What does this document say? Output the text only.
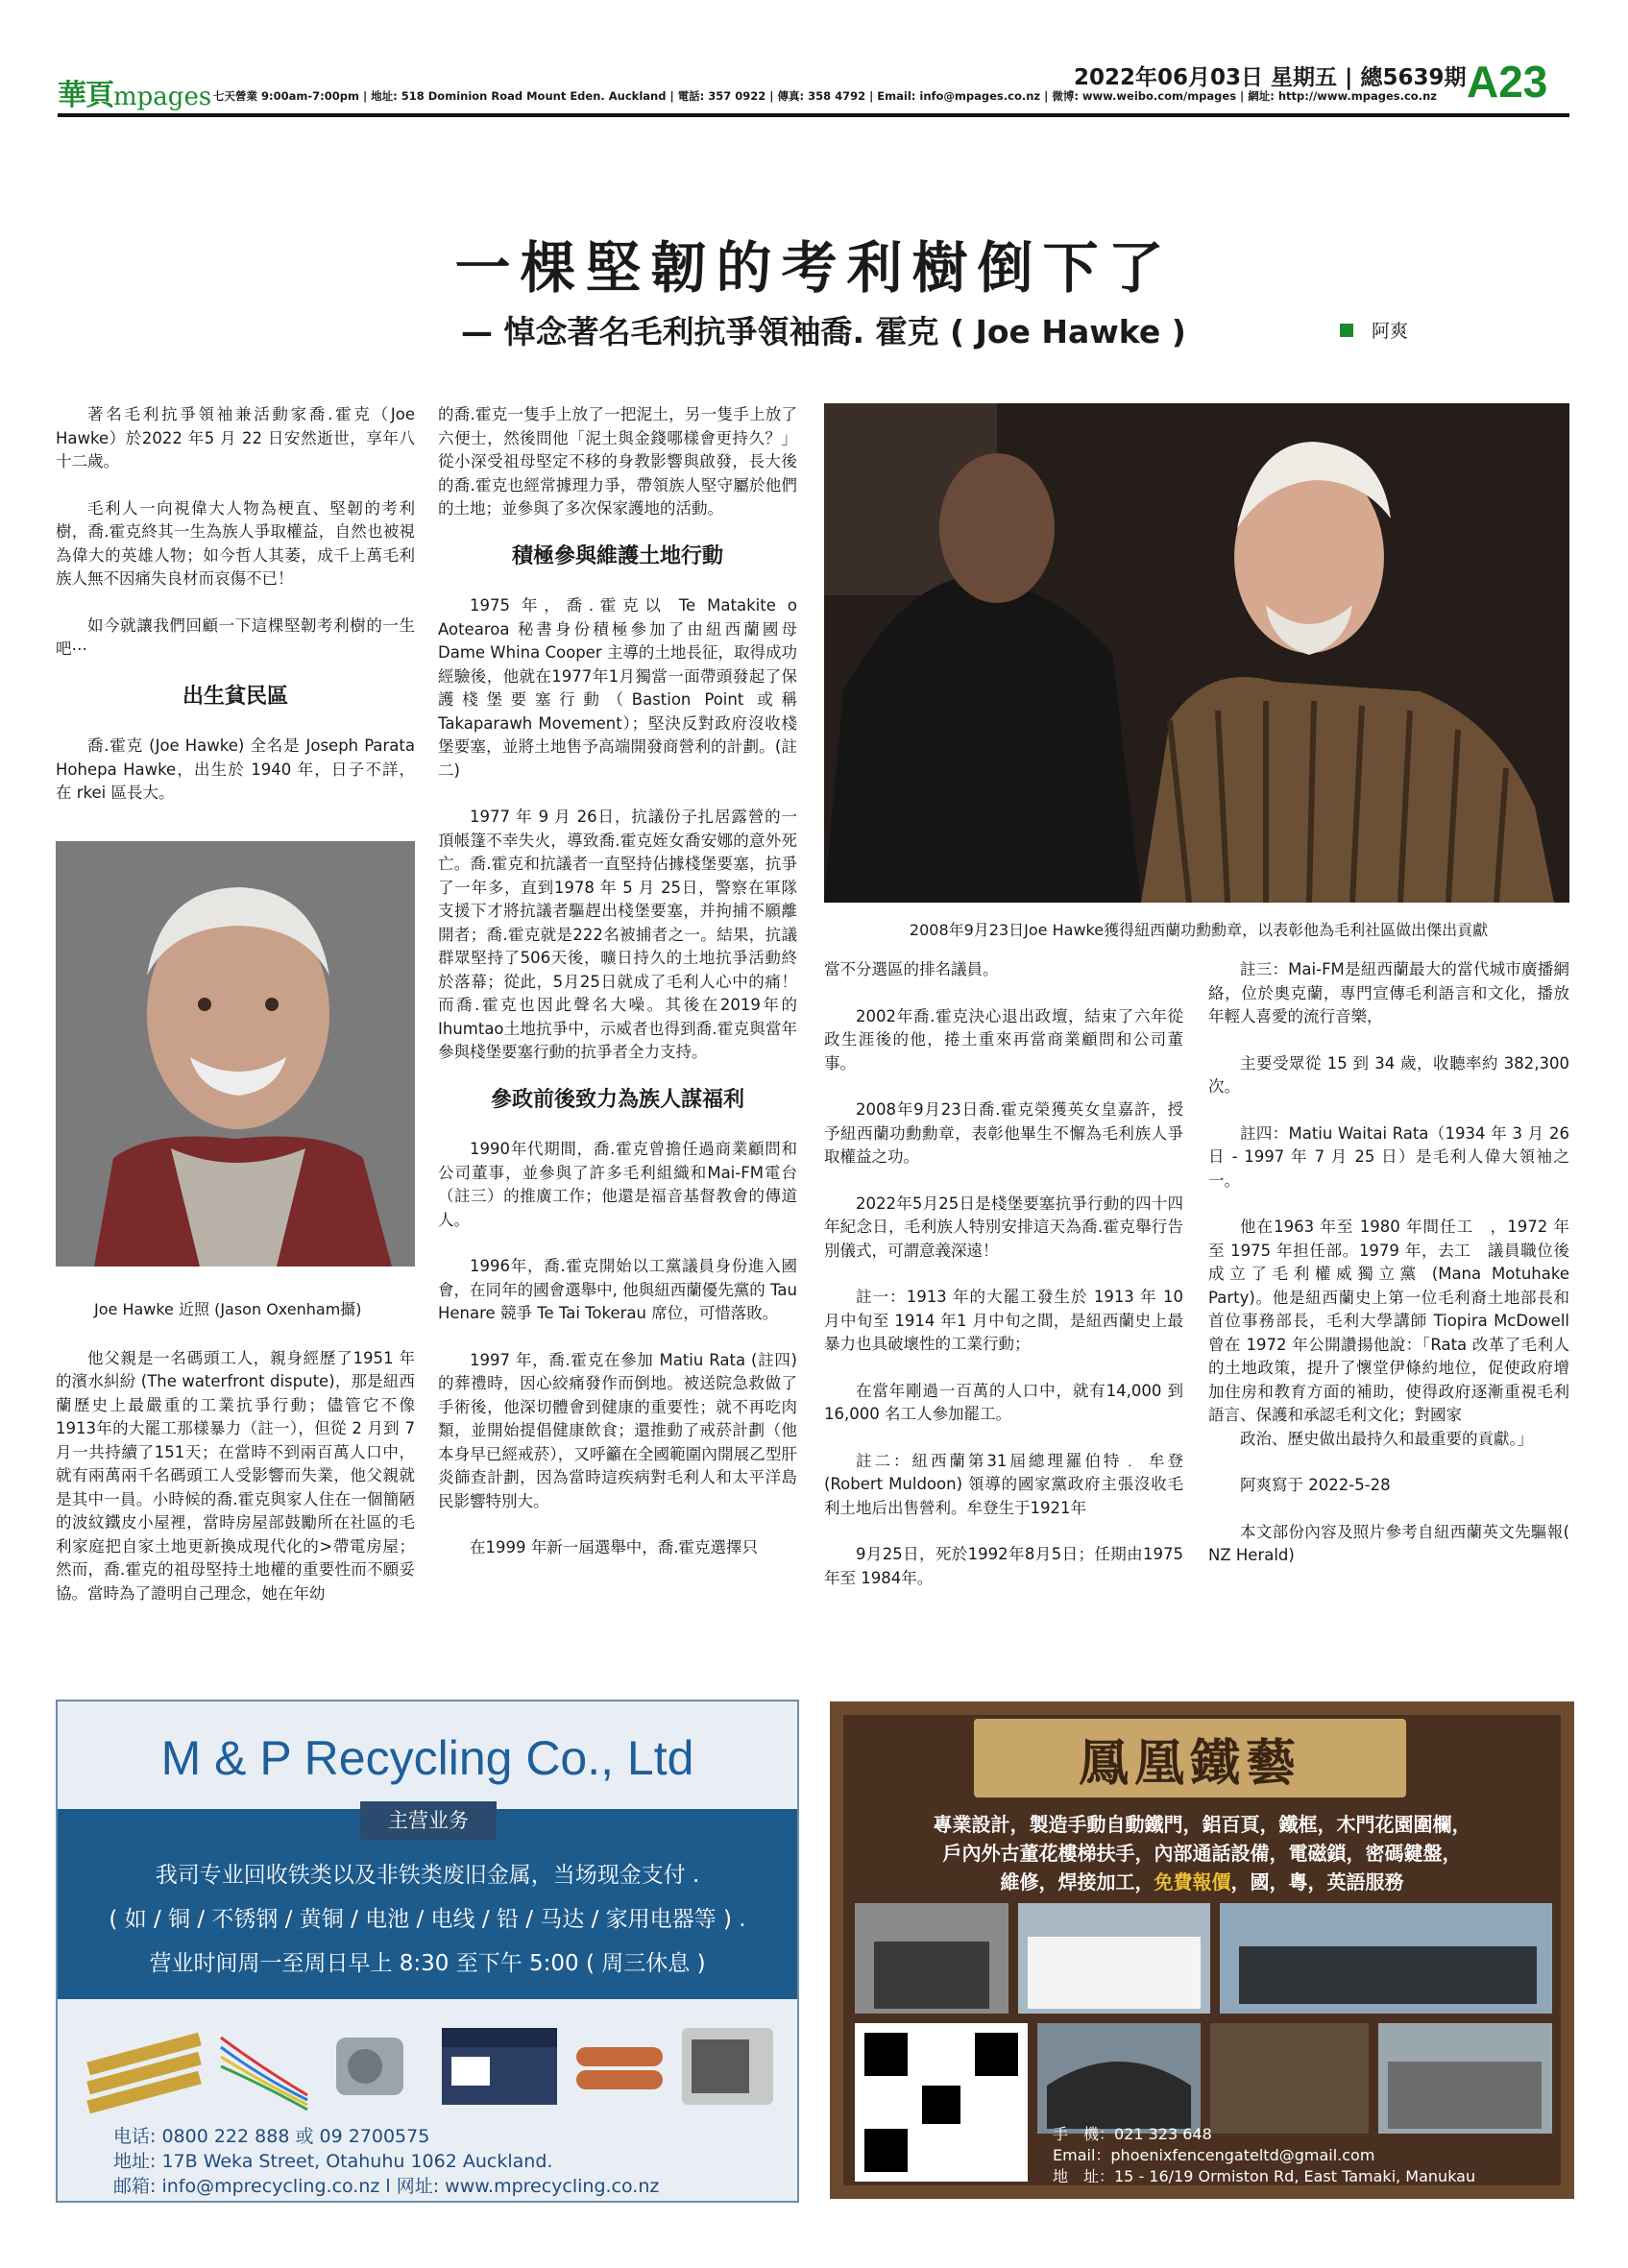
華頁mpages 七天營業 9:00am-7:00pm | 地址: 518 Dominion Road Mount Eden. Auckland | 電話: 357 0922 | 傳真: 358 4792 | Email: info@mpages.co.nz | 微博: www.weibo.com/mpages | 網址: http://www.mpages.co.nz
2022年06月03日 星期五 | 總5639期 A23
一棵堅韌的考利樹倒下了
— 悼念著名毛利抗爭領袖喬. 霍克 ( Joe Hawke )	阿爽

著名毛利抗爭領袖兼活動家喬.霍克（Joe Hawke）於2022 年5 月 22 日安然逝世，享年八十二歲。

毛利人一向視偉大人物為梗直、堅韌的考利樹，喬.霍克終其一生為族人爭取權益，自然也被視為偉大的英雄人物；如今哲人其萎，成千上萬毛利族人無不因痛失良材而哀傷不已！

如今就讓我們回顧一下這棵堅韌考利樹的一生吧⋯

出生貧民區

喬.霍克 (Joe Hawke) 全名是 Joseph Parata Hohepa Hawke，出生於 1940 年，日子不詳，在 rkei 區長大。

Joe Hawke 近照 (Jason Oxenham攝)

他父親是一名碼頭工人，親身經歷了1951 年的濱水糾紛 (The waterfront dispute)，那是紐西蘭歷史上最嚴重的工業抗爭行動；儘管它不像 1913年的大罷工那樣暴力（註一），但從 2 月到 7 月一共持續了151天；在當時不到兩百萬人口中，就有兩萬兩千名碼頭工人受影響而失業，他父親就是其中一員。小時候的喬.霍克與家人住在一個簡陋的波紋鐵皮小屋裡，當時房屋部鼓勵所在社區的毛利家庭把自家土地更新換成現代化的>帶電房屋；然而，喬.霍克的祖母堅持土地權的重要性而不願妥協。當時為了證明自己理念，她在年幼

的喬.霍克一隻手上放了一把泥土，另一隻手上放了六便士，然後問他「泥土與金錢哪樣會更持久？」從小深受祖母堅定不移的身教影響與啟發，長大後的喬.霍克也經常據理力爭，帶領族人堅守屬於他們的土地；並參與了多次保家護地的活動。

積極參與維護土地行動

1975 年，喬.霍克以 Te Matakite o Aotearoa 秘書身份積極參加了由紐西蘭國母Dame Whina Cooper 主導的土地長征，取得成功經驗後，他就在1977年1月獨當一面帶頭發起了保護棧堡要塞行動（Bastion Point 或稱 Takaparawh Movement）；堅決反對政府沒收棧堡要塞，並將土地售予高端開發商營利的計劃。(註二)

1977 年 9 月 26日，抗議份子扎居露營的一頂帳篷不幸失火，導致喬.霍克姪女喬安娜的意外死亡。喬.霍克和抗議者一直堅持佔據棧堡要塞，抗爭了一年多，直到1978 年 5 月 25日，警察在軍隊支援下才將抗議者驅趕出棧堡要塞，并拘捕不願離開者；喬.霍克就是222名被捕者之一。結果，抗議群眾堅持了506天後，曠日持久的土地抗爭活動終於落幕；從此，5月25日就成了毛利人心中的痛！而喬.霍克也因此聲名大噪。其後在2019年的Ihumtao土地抗爭中，示威者也得到喬.霍克與當年參與棧堡要塞行動的抗爭者全力支持。

參政前後致力為族人謀福利

1990年代期間，喬.霍克曾擔任過商業顧問和公司董事，並參與了許多毛利組織和Mai-FM電台（註三）的推廣工作；他還是福音基督教會的傳道人。

1996年，喬.霍克開始以工黨議員身份進入國會，在同年的國會選舉中, 他與紐西蘭優先黨的 Tau Henare 競爭 Te Tai Tokerau 席位，可惜落敗。

1997 年，喬.霍克在參加 Matiu Rata (註四) 的葬禮時，因心絞痛發作而倒地。被送院急救做了手術後，他深切體會到健康的重要性；就不再吃肉類，並開始提倡健康飲食；還推動了戒菸計劃（他本身早已經戒菸），又呼籲在全國範圍內開展乙型肝炎篩查計劃，因為當時這疾病對毛利人和太平洋島民影響特別大。

在1999 年新一屆選舉中，喬.霍克選擇只

2008年9月23日Joe Hawke獲得紐西蘭功勳勳章，以表彰他為毛利社區做出傑出貢獻

當不分選區的排名議員。

2002年喬.霍克決心退出政壇，結束了六年從政生涯後的他，捲土重來再當商業顧問和公司董事。

2008年9月23日喬.霍克榮獲英女皇嘉許，授予紐西蘭功勳勳章，表彰他畢生不懈為毛利族人爭取權益之功。

2022年5月25日是棧堡要塞抗爭行動的四十四年紀念日，毛利族人特別安排這天為喬.霍克舉行告別儀式，可謂意義深遠！

註一：1913 年的大罷工發生於 1913 年 10 月中旬至 1914 年1 月中旬之間，是紐西蘭史上最暴力也具破壞性的工業行動；

在當年剛過一百萬的人口中，就有14,000 到 16,000 名工人參加罷工。

註二：紐西蘭第31屆總理羅伯特﹒ 牟登 (Robert Muldoon) 領導的國家黨政府主張沒收毛利土地后出售營利。牟登生于1921年

9月25日，死於1992年8月5日；任期由1975 年至 1984年。

註三：Mai-FM是紐西蘭最大的當代城市廣播網絡，位於奧克蘭，專門宣傳毛利語言和文化，播放年輕人喜愛的流行音樂，

主要受眾從 15 到 34 歲，收聽率約 382,300 次。

註四：Matiu Waitai Rata（1934 年 3 月 26 日 - 1997 年 7 月 25 日）是毛利人偉大領袖之一。

他在1963 年至 1980 年間任工　，1972 年至 1975 年担任部。1979 年，去工　議員職位後成立了毛利權威獨立黨 (Mana Motuhake Party)。他是紐西蘭史上第一位毛利裔土地部長和首位事務部長，毛利大學講師 Tiopira McDowell 曾在 1972 年公開讚揚他說：「Rata 改革了毛利人的土地政策，提升了懷堂伊條約地位，促使政府增加住房和教育方面的補助，使得政府逐漸重視毛利語言、保護和承認毛利文化；對國家

政治、歷史做出最持久和最重要的貢獻。」

阿爽寫于 2022-5-28

本文部份內容及照片參考自紐西蘭英文先驅報( NZ Herald)

M & P Recycling Co., Ltd
主营业务
我司专业回收铁类以及非铁类废旧金属，当场现金支付 .
( 如 / 铜 / 不锈钢 / 黄铜 / 电池 / 电线 / 铅 / 马达 / 家用电器等 ) .
营业时间周一至周日早上 8:30 至下午 5:00 ( 周三休息 )
电话: 0800 222 888 或 09 2700575
地址: 17B Weka Street, Otahuhu 1062 Auckland.
邮箱: info@mprecycling.co.nz l 网址: www.mprecycling.co.nz
鳳凰鐵藝
專業設計，製造手動自動鐵門，鋁百頁，鐵框，木門花園圍欄，
戶內外古董花樓梯扶手，內部通話設備，電磁鎖，密碼鍵盤，
維修，焊接加工，免費報價，國，粵，英語服務
手　機：021 323 648
Email：phoenixfencengateltd@gmail.com
地　址：15 - 16/19 Ormiston Rd, East Tamaki, Manukau
